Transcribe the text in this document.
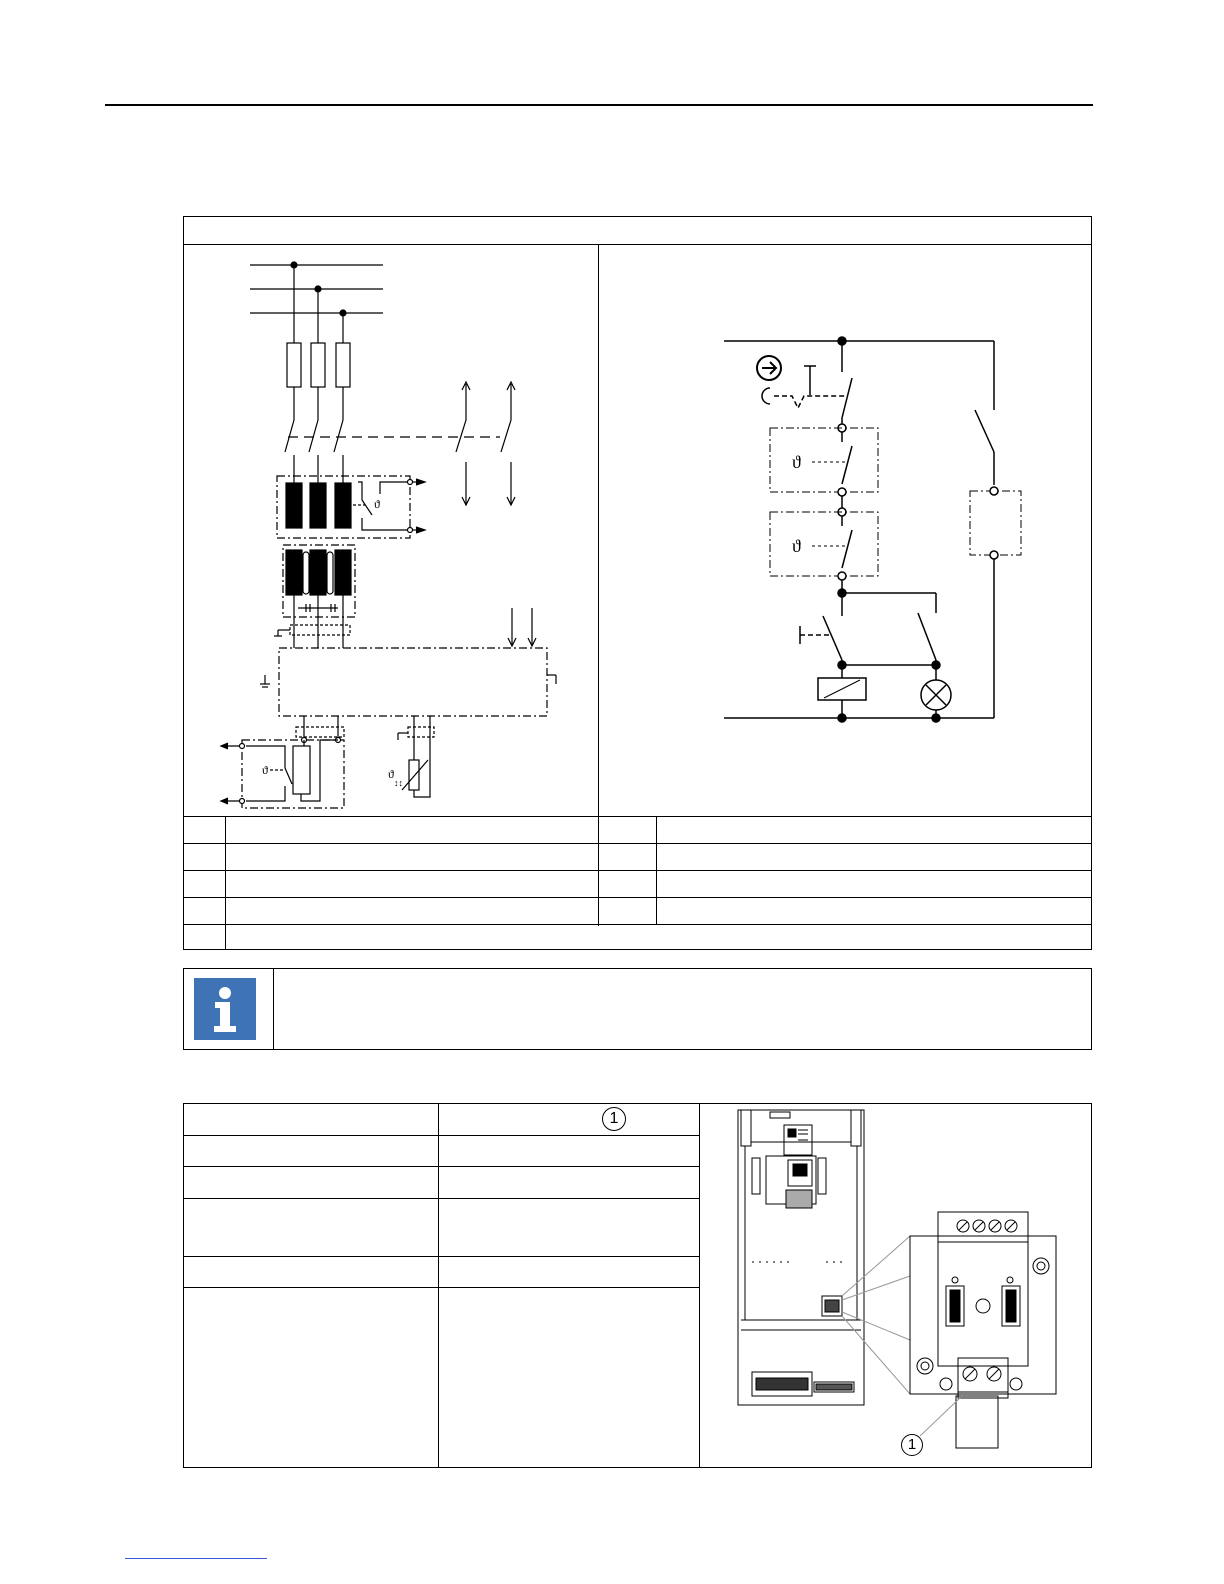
ϑ
ϑ	ϑ
↕↕
ϑ
ϑ
1
1
